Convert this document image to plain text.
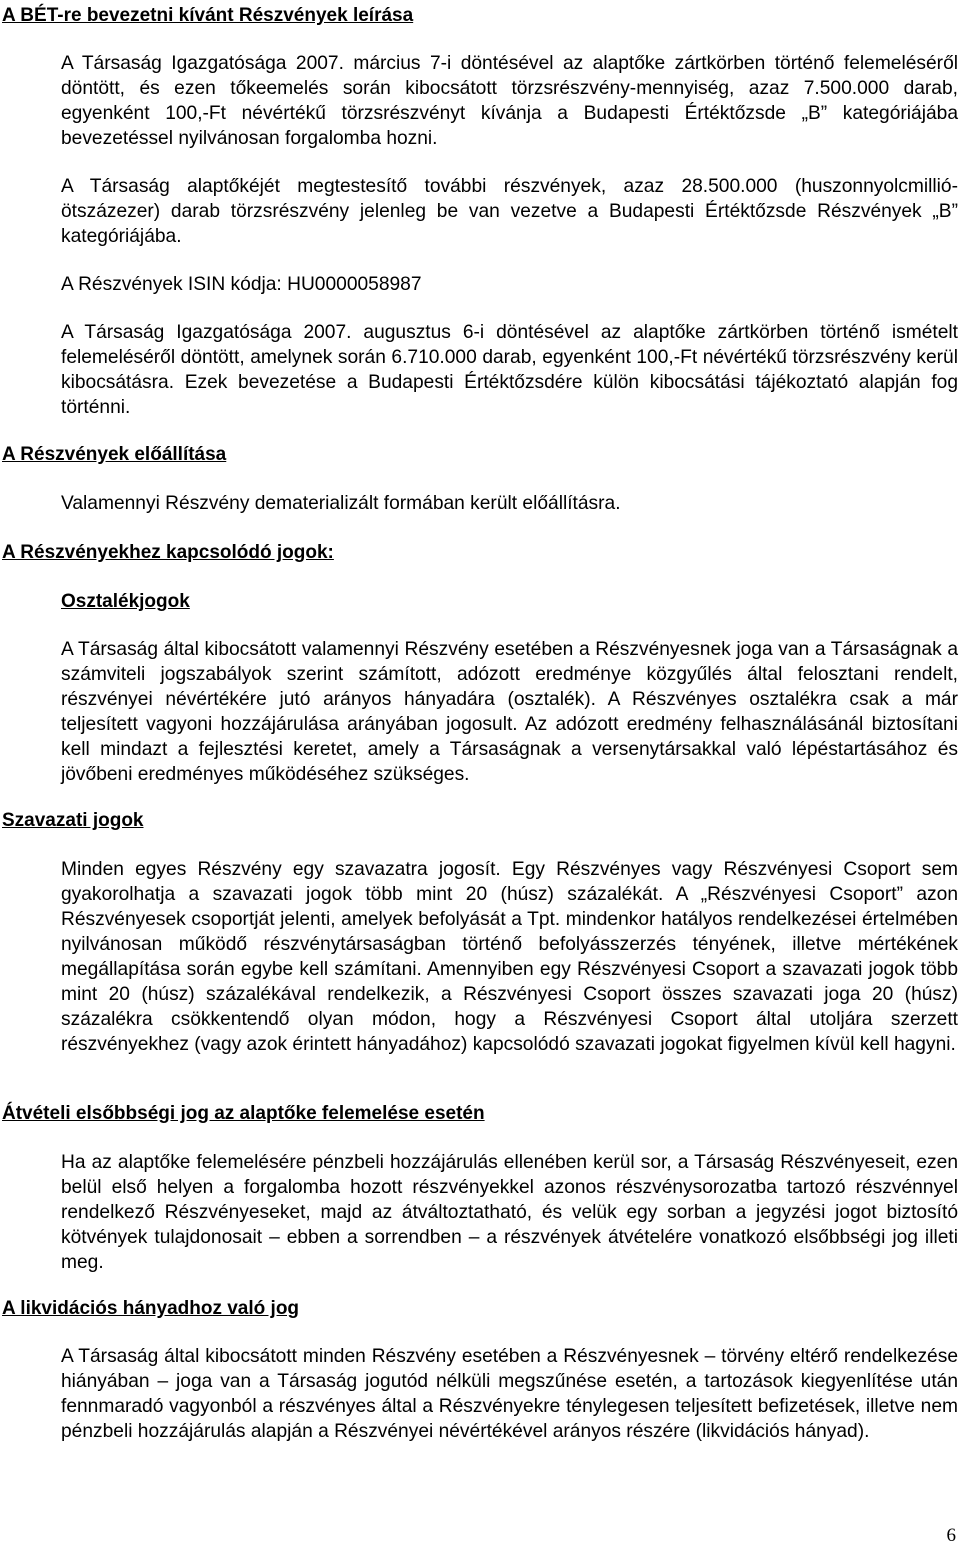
A BÉT-re bevezetni kívánt Részvények leírása
A Társaság Igazgatósága 2007. március 7-i döntésével az alaptőke zártkörben történő felemeléséről döntött, és ezen tőkeemelés során kibocsátott törzsrészvény-mennyiség, azaz 7.500.000 darab, egyenként 100,-Ft névértékű törzsrészvényt kívánja a Budapesti Értéktőzsde „B” kategóriájába bevezetéssel nyilvánosan forgalomba hozni.
A Társaság alaptőkéjét megtestesítő további részvények, azaz 28.500.000 (huszonnyolcmillió-ötszázezer) darab törzsrészvény jelenleg be van vezetve a Budapesti Értéktőzsde Részvények „B” kategóriájába.
A Részvények ISIN kódja: HU0000058987
A Társaság Igazgatósága 2007. augusztus 6-i döntésével az alaptőke zártkörben történő ismételt felemeléséről döntött, amelynek során 6.710.000 darab, egyenként 100,-Ft névértékű törzsrészvény kerül kibocsátásra. Ezek bevezetése a Budapesti Értéktőzsdére külön kibocsátási tájékoztató alapján fog történni.
A Részvények előállítása
Valamennyi Részvény dematerializált formában került előállításra.
A Részvényekhez kapcsolódó jogok:
Osztalékjogok
A Társaság által kibocsátott valamennyi Részvény esetében a Részvényesnek joga van a Társaságnak a számviteli jogszabályok szerint számított, adózott eredménye közgyűlés által felosztani rendelt, részvényei névértékére jutó arányos hányadára (osztalék). A Részvényes osztalékra csak a már teljesített vagyoni hozzájárulása arányában jogosult. Az adózott eredmény felhasználásánál biztosítani kell mindazt a fejlesztési keretet, amely a Társaságnak a versenytársakkal való lépéstartásához és jövőbeni eredményes működéséhez szükséges.
Szavazati jogok
Minden egyes Részvény egy szavazatra jogosít. Egy Részvényes vagy Részvényesi Csoport sem gyakorolhatja a szavazati jogok több mint 20 (húsz) százalékát. A „Részvényesi Csoport” azon Részvényesek csoportját jelenti, amelyek befolyását a Tpt. mindenkor hatályos rendelkezései értelmében nyilvánosan működő részvénytársaságban történő befolyásszerzés tényének, illetve mértékének megállapítása során egybe kell számítani. Amennyiben egy Részvényesi Csoport a szavazati jogok több mint 20 (húsz) százalékával rendelkezik, a Részvényesi Csoport összes szavazati joga 20 (húsz) százalékra csökkentendő olyan módon, hogy a Részvényesi Csoport által utoljára szerzett részvényekhez (vagy azok érintett hányadához) kapcsolódó szavazati jogokat figyelmen kívül kell hagyni.
Átvételi elsőbbségi jog az alaptőke felemelése esetén
Ha az alaptőke felemelésére pénzbeli hozzájárulás ellenében kerül sor, a Társaság Részvényeseit, ezen belül első helyen a forgalomba hozott részvényekkel azonos részvénysorozatba tartozó részvénnyel rendelkező Részvényeseket, majd az átváltoztatható, és velük egy sorban a jegyzési jogot biztosító kötvények tulajdonosait – ebben a sorrendben – a részvények átvételére vonatkozó elsőbbségi jog illeti meg.
A likvidációs hányadhoz való jog
A Társaság által kibocsátott minden Részvény esetében a Részvényesnek – törvény eltérő rendelkezése hiányában – joga van a Társaság jogutód nélküli megszűnése esetén, a tartozások kiegyenlítése után fennmaradó vagyonból a részvényes által a Részvényekre ténylegesen teljesített befizetések, illetve nem pénzbeli hozzájárulás alapján a Részvényei névértékével arányos részére (likvidációs hányad).
6
